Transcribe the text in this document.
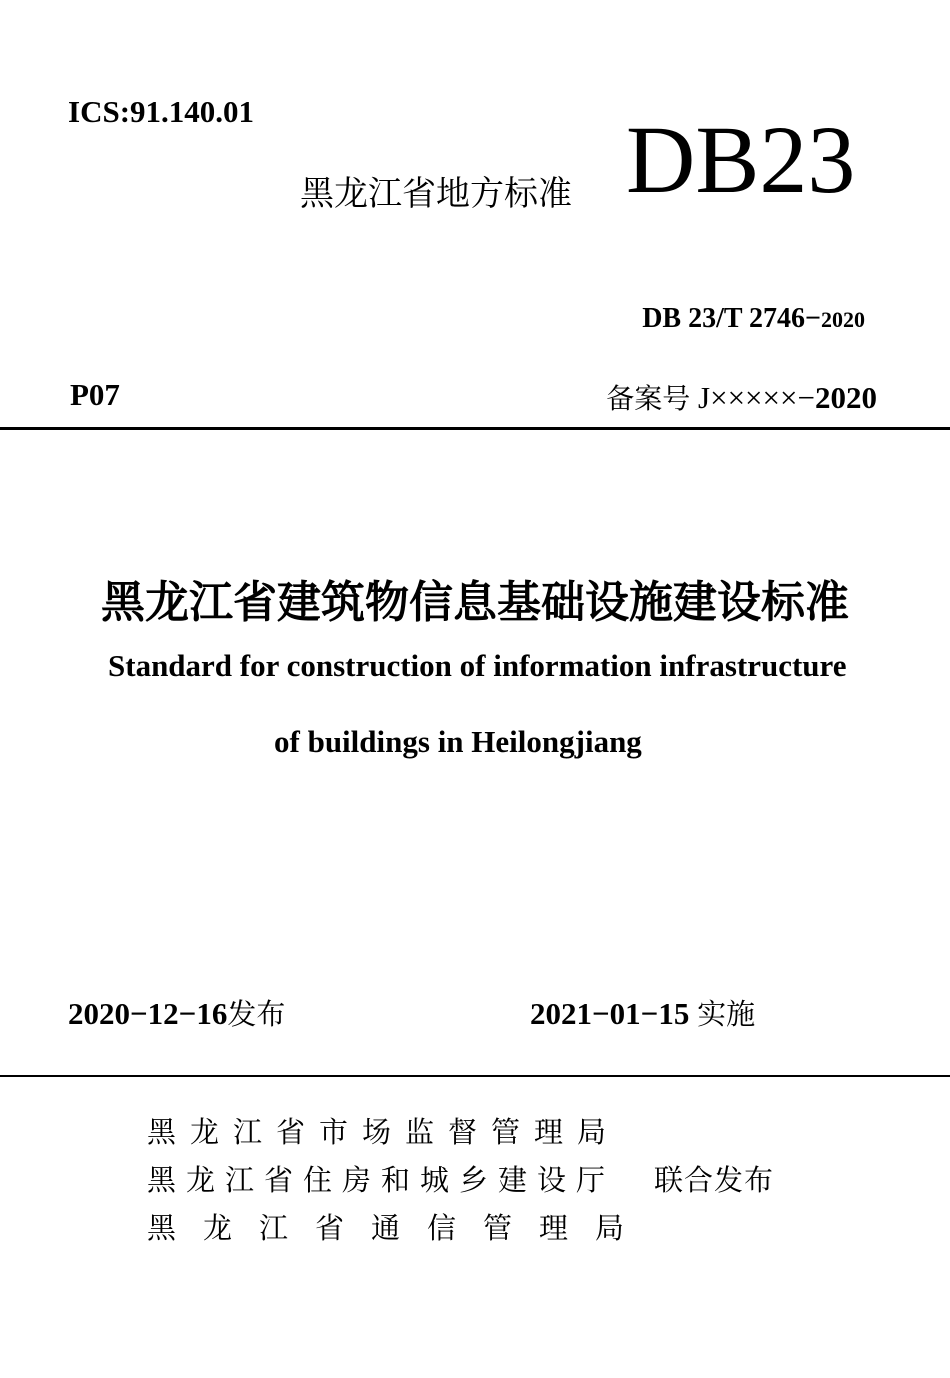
ICS:91.140.01
黑龙江省地方标准 DB23
DB 23/T 2746−2020
P07	备案号 J×××××−2020
黑龙江省建筑物信息基础设施建设标准
Standard for construction of information infrastructure
of buildings in Heilongjiang
2020−12−16发布	2021−01−15 实施
黑龙江省市场监督管理局
黑龙江省住房和城乡建设厅 联合发布
黑龙江省通信管理局
